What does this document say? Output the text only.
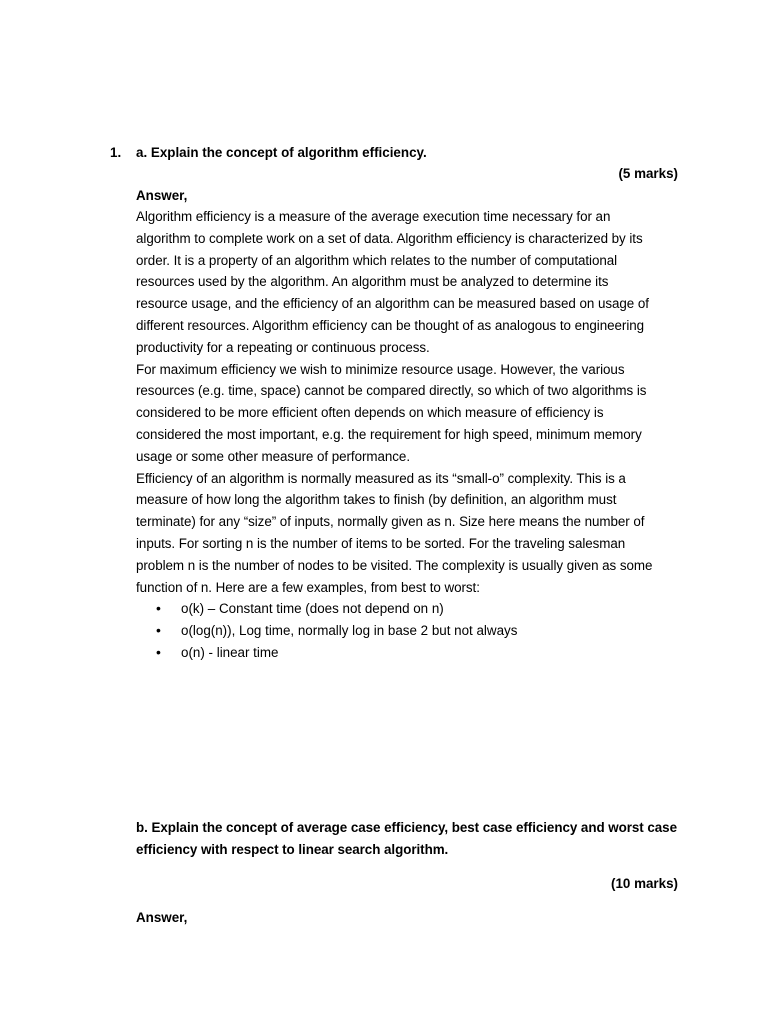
1. a. Explain the concept of algorithm efficiency.
(5 marks)
Answer,

Algorithm efficiency is a measure of the average execution time necessary for an

algorithm to complete work on a set of data. Algorithm efficiency is characterized by its

order. It is a property of an algorithm which relates to the number of computational

resources used by the algorithm. An algorithm must be analyzed to determine its

resource usage, and the efficiency of an algorithm can be measured based on usage of

different resources. Algorithm efficiency can be thought of as analogous to engineering

productivity for a repeating or continuous process.

For maximum efficiency we wish to minimize resource usage. However, the various

resources (e.g. time, space) cannot be compared directly, so which of two algorithms is

considered to be more efficient often depends on which measure of efficiency is

considered the most important, e.g. the requirement for high speed, minimum memory

usage or some other measure of performance.

Efficiency of an algorithm is normally measured as its “small-o” complexity. This is a

measure of how long the algorithm takes to finish (by definition, an algorithm must

terminate) for any “size” of inputs, normally given as n. Size here means the number of

inputs. For sorting n is the number of items to be sorted. For the traveling salesman

problem n is the number of nodes to be visited. The complexity is usually given as some

function of n. Here are a few examples, from best to worst:

• o(k) – Constant time (does not depend on n)
• o(log(n)), Log time, normally log in base 2 but not always
• o(n) - linear time
b. Explain the concept of average case efficiency, best case efficiency and worst case
efficiency with respect to linear search algorithm.
(10 marks)
Answer,
